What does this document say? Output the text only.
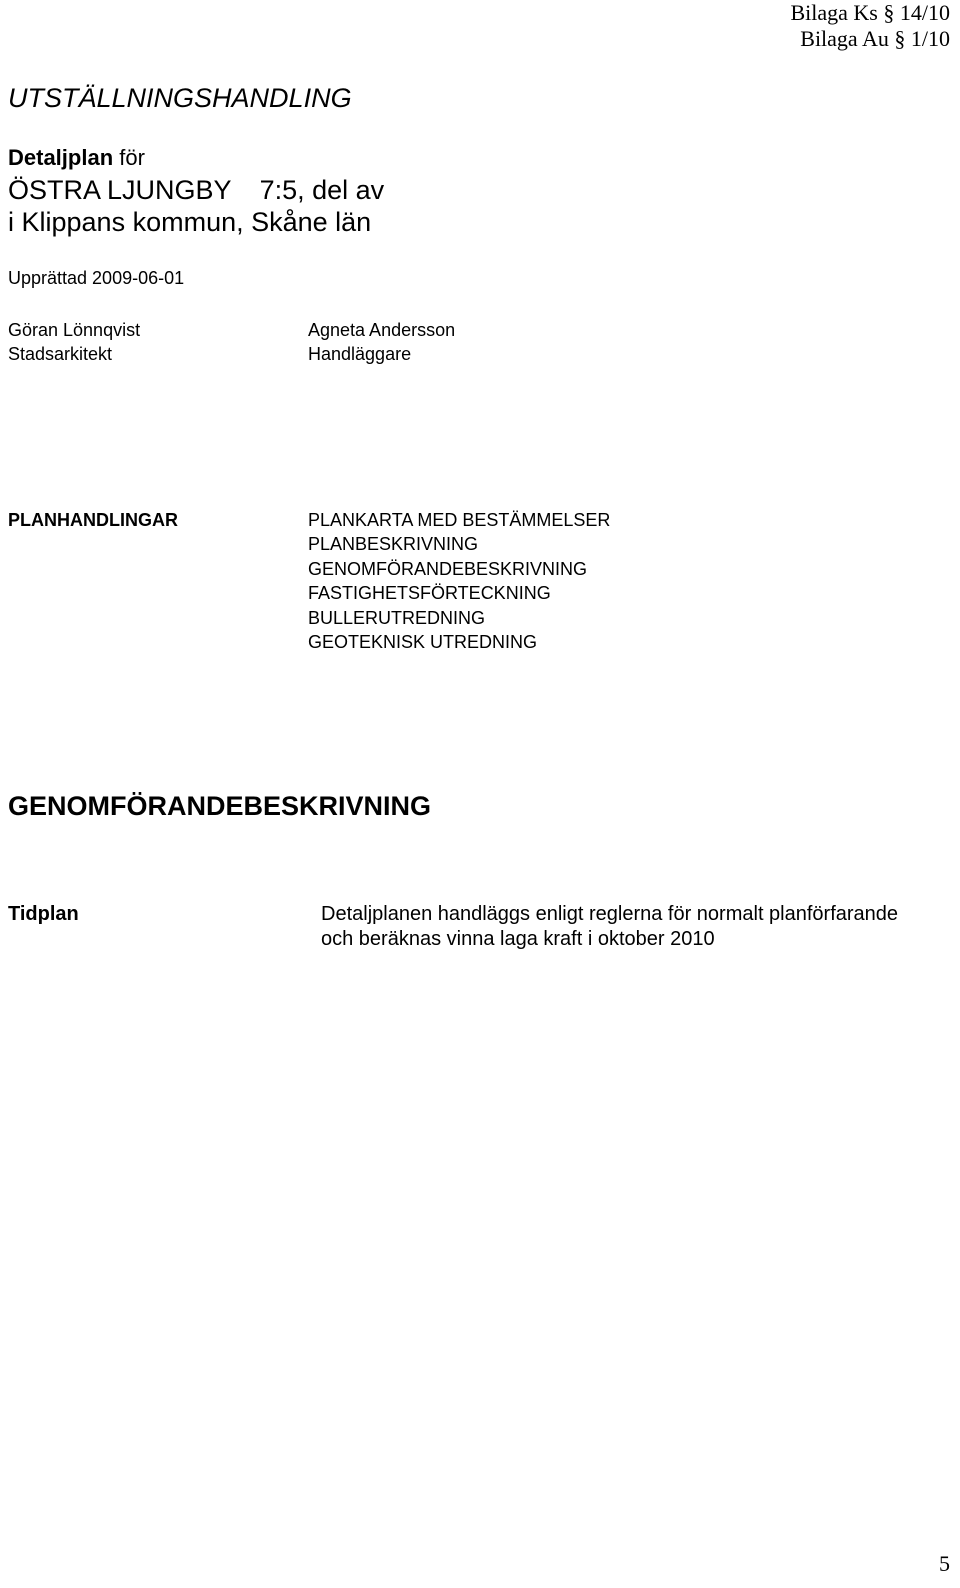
Bilaga Ks § 14/10
Bilaga Au § 1/10
UTSTÄLLNINGSHANDLING
Detaljplan för
ÖSTRA LJUNGBY 7:5, del av
i Klippans kommun, Skåne län
Upprättad 2009-06-01
Göran Lönnqvist
Stadsarkitekt
Agneta Andersson
Handläggare
PLANHANDLINGAR	PLANKARTA MED BESTÄMMELSER
PLANBESKRIVNING
GENOMFÖRANDEBESKRIVNING
FASTIGHETSFÖRTECKNING
BULLERUTREDNING
GEOTEKNISK UTREDNING
GENOMFÖRANDEBESKRIVNING
Tidplan	Detaljplanen handläggs enligt reglerna för normalt planförfarande
och beräknas vinna laga kraft i oktober 2010
5
